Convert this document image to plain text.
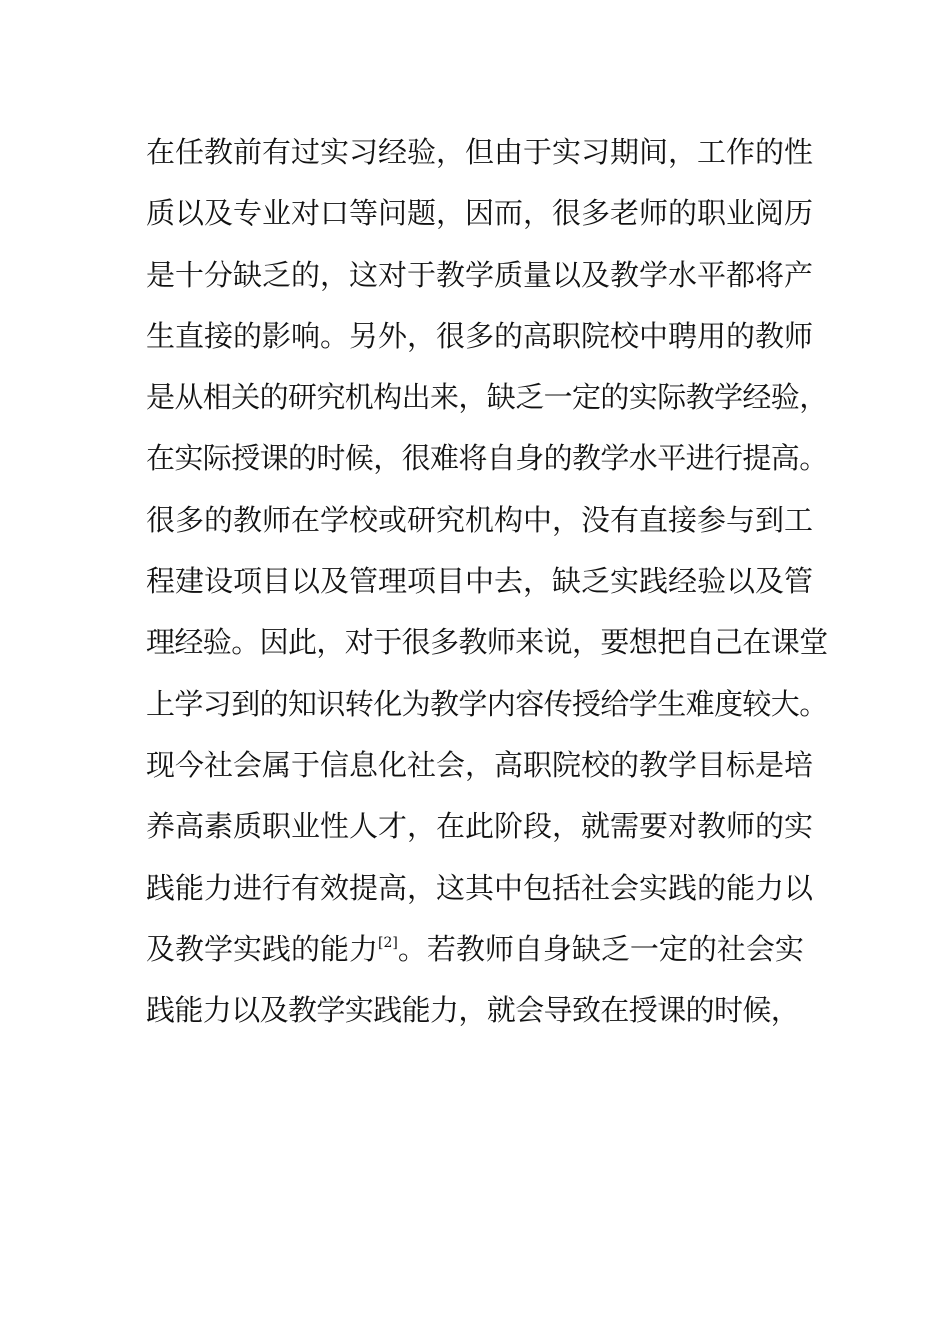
在任教前有过实习经验，但由于实习期间，工作的性
质以及专业对口等问题，因而，很多老师的职业阅历
是十分缺乏的，这对于教学质量以及教学水平都将产
生直接的影响。另外，很多的高职院校中聘用的教师
是从相关的研究机构出来，缺乏一定的实际教学经验，
在实际授课的时候，很难将自身的教学水平进行提高。
很多的教师在学校或研究机构中，没有直接参与到工
程建设项目以及管理项目中去，缺乏实践经验以及管
理经验。因此，对于很多教师来说，要想把自己在课堂
上学习到的知识转化为教学内容传授给学生难度较大。
现今社会属于信息化社会，高职院校的教学目标是培
养高素质职业性人才，在此阶段，就需要对教师的实
践能力进行有效提高，这其中包括社会实践的能力以
及教学实践的能力[2]。若教师自身缺乏一定的社会实
践能力以及教学实践能力，就会导致在授课的时候，
